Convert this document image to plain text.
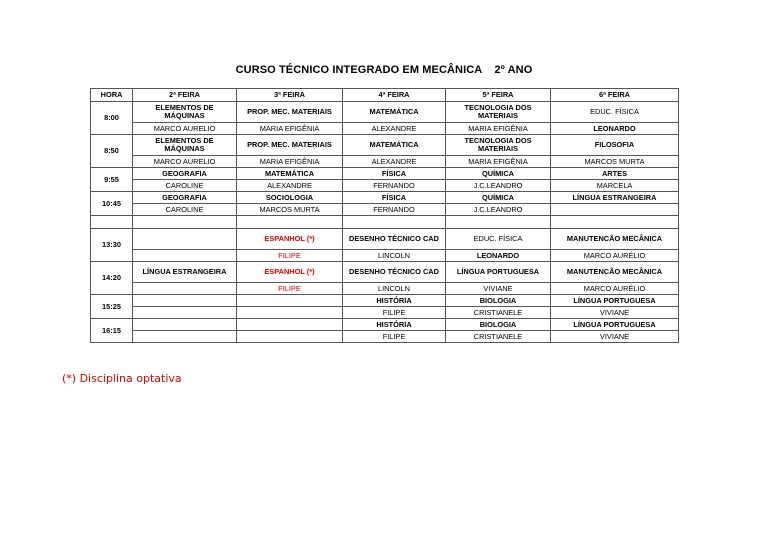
CURSO TÉCNICO INTEGRADO EM MECÂNICA    2º ANO
HORA	2ª FEIRA	3ª FEIRA	4ª FEIRA	5ª FEIRA	6ª FEIRA
8:00	ELEMENTOS DE MÁQUINAS	PROP. MEC. MATERIAIS	MATEMÁTICA	TECNOLOGIA DOS MATERIAIS	EDUC. FÍSICA
	MARCO AURELIO	MARIA EFIGÊNIA	ALEXANDRE	MARIA EFIGÊNIA	LEONARDO
8:50	ELEMENTOS DE MÁQUINAS	PROP. MEC. MATERIAIS	MATEMÁTICA	TECNOLOGIA DOS MATERIAIS	FILOSOFIA
	MARCO AURELIO	MARIA EFIGÊNIA	ALEXANDRE	MARIA EFIGÊNIA	MARCOS MURTA
9:55	GEOGRAFIA	MATEMÁTICA	FÍSICA	QUÍMICA	ARTES
	CAROLINE	ALEXANDRE	FERNANDO	J.C.LEANDRO	MARCELA
10:45	GEOGRAFIA	SOCIOLOGIA	FÍSICA	QUÍMICA	LÍNGUA ESTRANGEIRA
	CAROLINE	MARCOS MURTA	FERNANDO	J.C.LEANDRO	

13:30		ESPANHOL (*)	DESENHO TÉCNICO CAD	EDUC. FÍSICA	MANUTENCÃO MECÂNICA
		FILIPE	LINCOLN	LEONARDO	MARCO AURÉLIO
14:20	LÍNGUA ESTRANGEIRA	ESPANHOL (*)	DESENHO TÉCNICO CAD	LÍNGUA PORTUGUESA	MANUTENCÃO MECÂNICA
		FILIPE	LINCOLN	VIVIANE	MARCO AURÉLIO
15:25			HISTÓRIA	BIOLOGIA	LÍNGUA PORTUGUESA
			FILIPE	CRISTIANELE	VIVIANE
16:15			HISTÓRIA	BIOLOGIA	LÍNGUA PORTUGUESA
			FILIPE	CRISTIANELE	VIVIANE
(*) Disciplina optativa
